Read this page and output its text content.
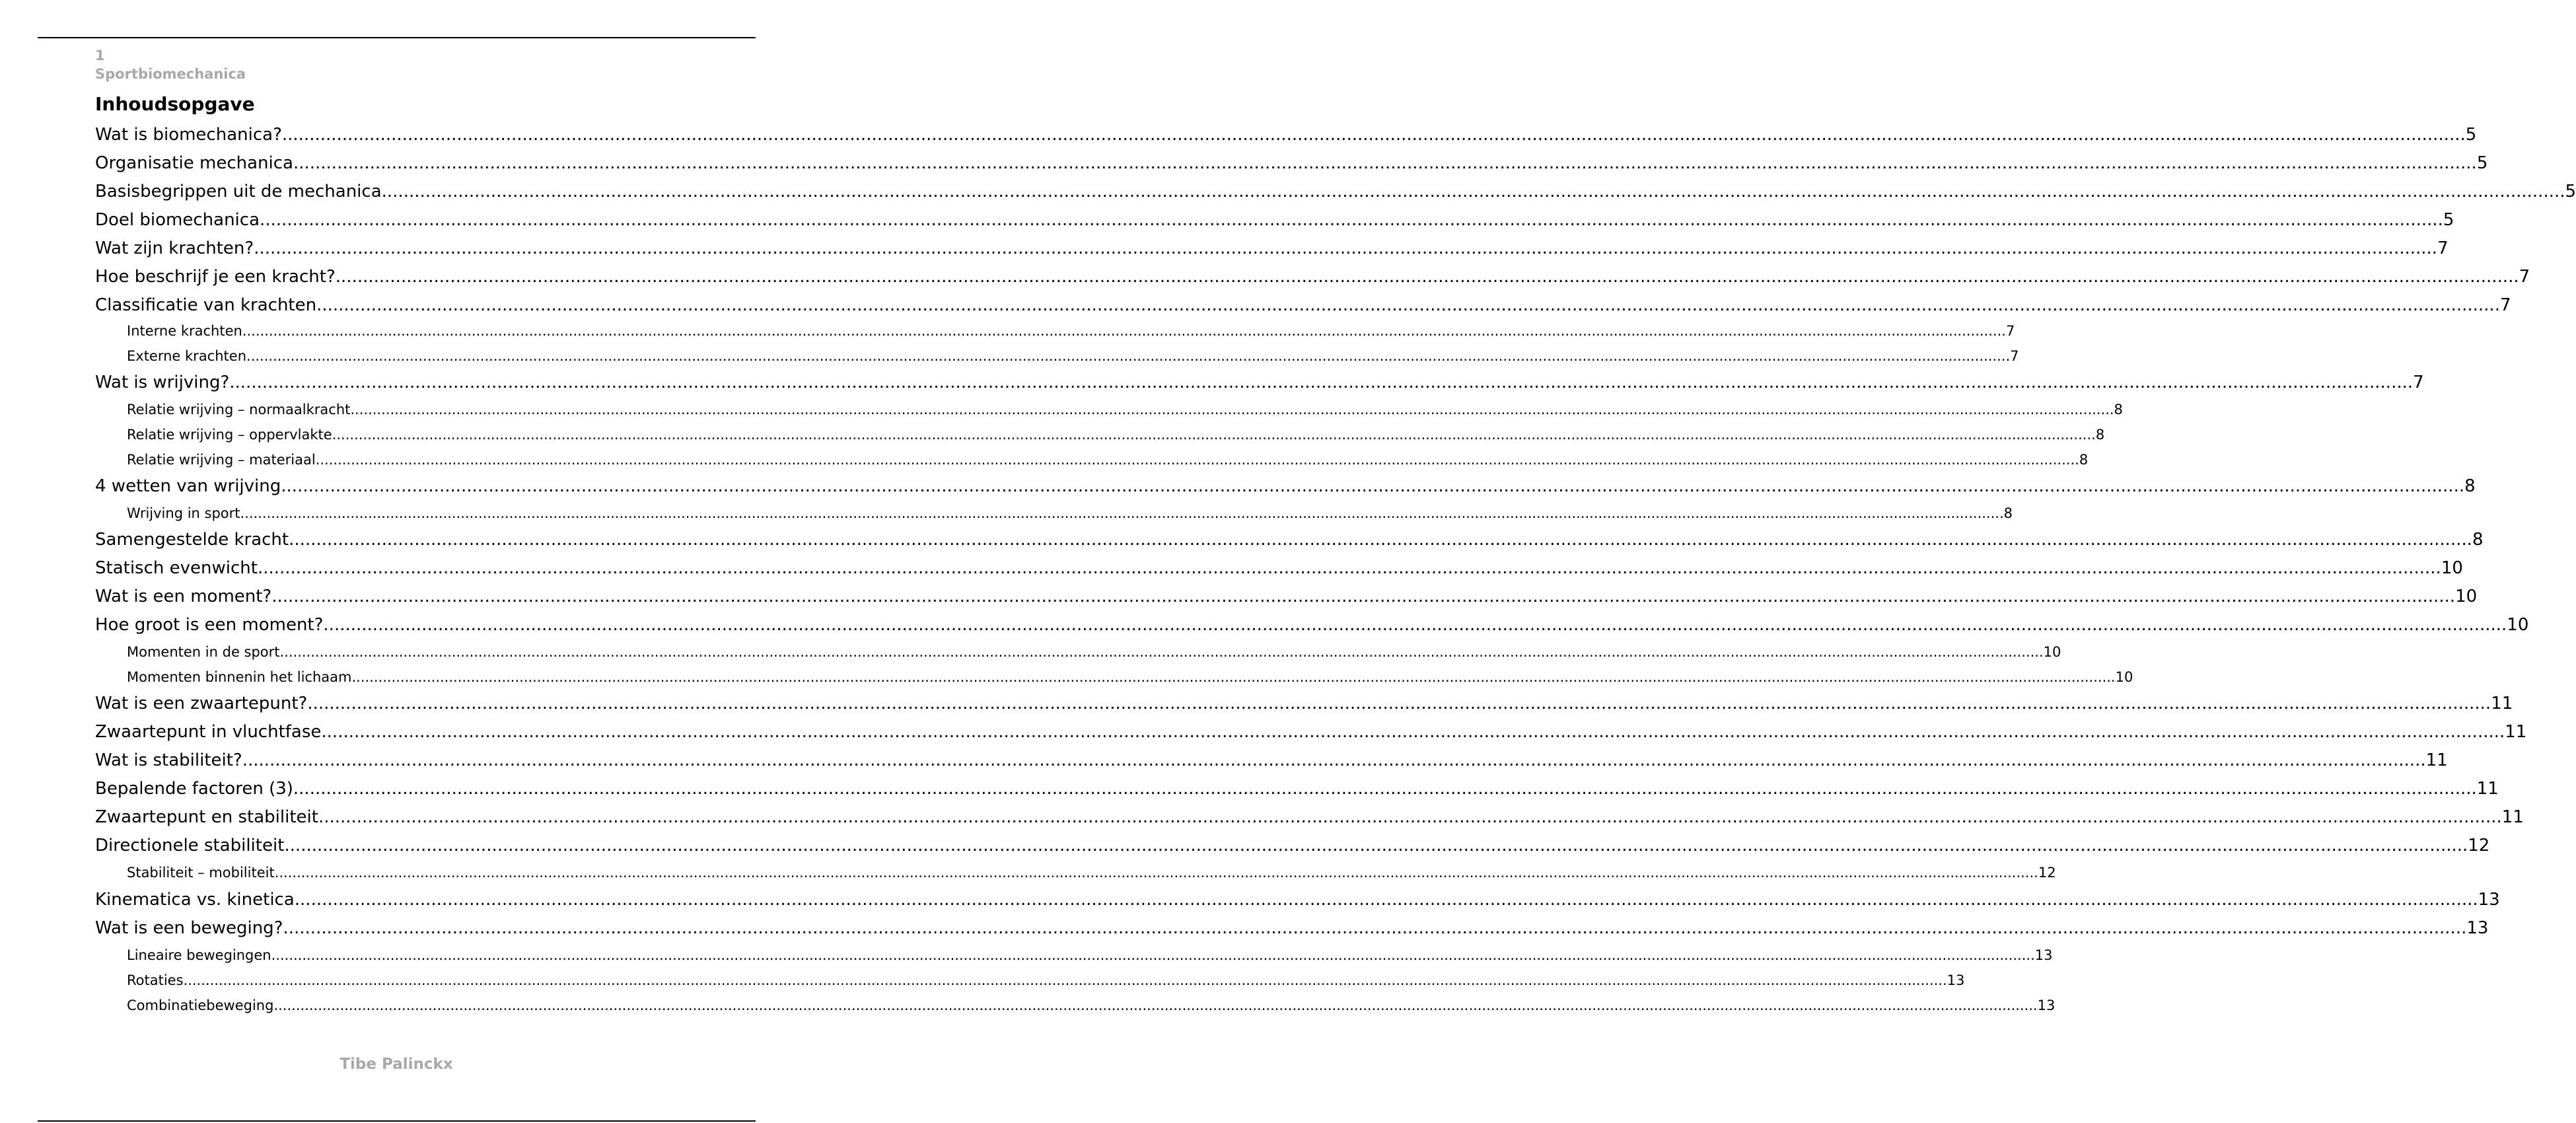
1
Sportbiomechanica
Inhoudsopgave
Wat is biomechanica? ................................................................................................................................................................................................................................................................................................................................................................................................................ 5
Organisatie mechanica ................................................................................................................................................................................................................................................................................................................................................................................................................ 5
Basisbegrippen uit de mechanica ................................................................................................................................................................................................................................................................................................................................................................................................................ 5
Doel biomechanica ................................................................................................................................................................................................................................................................................................................................................................................................................ 5
Wat zijn krachten? ................................................................................................................................................................................................................................................................................................................................................................................................................ 7
Hoe beschrijf je een kracht? ................................................................................................................................................................................................................................................................................................................................................................................................................ 7
Classificatie van krachten ................................................................................................................................................................................................................................................................................................................................................................................................................ 7
Interne krachten ................................................................................................................................................................................................................................................................................................................................................................................................................ 7
Externe krachten ................................................................................................................................................................................................................................................................................................................................................................................................................ 7
Wat is wrijving? ................................................................................................................................................................................................................................................................................................................................................................................................................ 7
Relatie wrijving – normaalkracht ................................................................................................................................................................................................................................................................................................................................................................................................................ 8
Relatie wrijving – oppervlakte ................................................................................................................................................................................................................................................................................................................................................................................................................ 8
Relatie wrijving – materiaal ................................................................................................................................................................................................................................................................................................................................................................................................................ 8
4 wetten van wrijving ................................................................................................................................................................................................................................................................................................................................................................................................................ 8
Wrijving in sport ................................................................................................................................................................................................................................................................................................................................................................................................................ 8
Samengestelde kracht ................................................................................................................................................................................................................................................................................................................................................................................................................ 8
Statisch evenwicht ................................................................................................................................................................................................................................................................................................................................................................................................................ 10
Wat is een moment? ................................................................................................................................................................................................................................................................................................................................................................................................................ 10
Hoe groot is een moment? ................................................................................................................................................................................................................................................................................................................................................................................................................ 10
Momenten in de sport ................................................................................................................................................................................................................................................................................................................................................................................................................ 10
Momenten binnenin het lichaam ................................................................................................................................................................................................................................................................................................................................................................................................................ 10
Wat is een zwaartepunt? ................................................................................................................................................................................................................................................................................................................................................................................................................ 11
Zwaartepunt in vluchtfase ................................................................................................................................................................................................................................................................................................................................................................................................................ 11
Wat is stabiliteit? ................................................................................................................................................................................................................................................................................................................................................................................................................ 11
Bepalende factoren (3) ................................................................................................................................................................................................................................................................................................................................................................................................................ 11
Zwaartepunt en stabiliteit ................................................................................................................................................................................................................................................................................................................................................................................................................ 11
Directionele stabiliteit ................................................................................................................................................................................................................................................................................................................................................................................................................ 12
Stabiliteit – mobiliteit ................................................................................................................................................................................................................................................................................................................................................................................................................ 12
Kinematica vs. kinetica ................................................................................................................................................................................................................................................................................................................................................................................................................ 13
Wat is een beweging? ................................................................................................................................................................................................................................................................................................................................................................................................................ 13
Lineaire bewegingen ................................................................................................................................................................................................................................................................................................................................................................................................................ 13
Rotaties ................................................................................................................................................................................................................................................................................................................................................................................................................ 13
Combinatiebeweging ................................................................................................................................................................................................................................................................................................................................................................................................................ 13
Tibe Palinckx
